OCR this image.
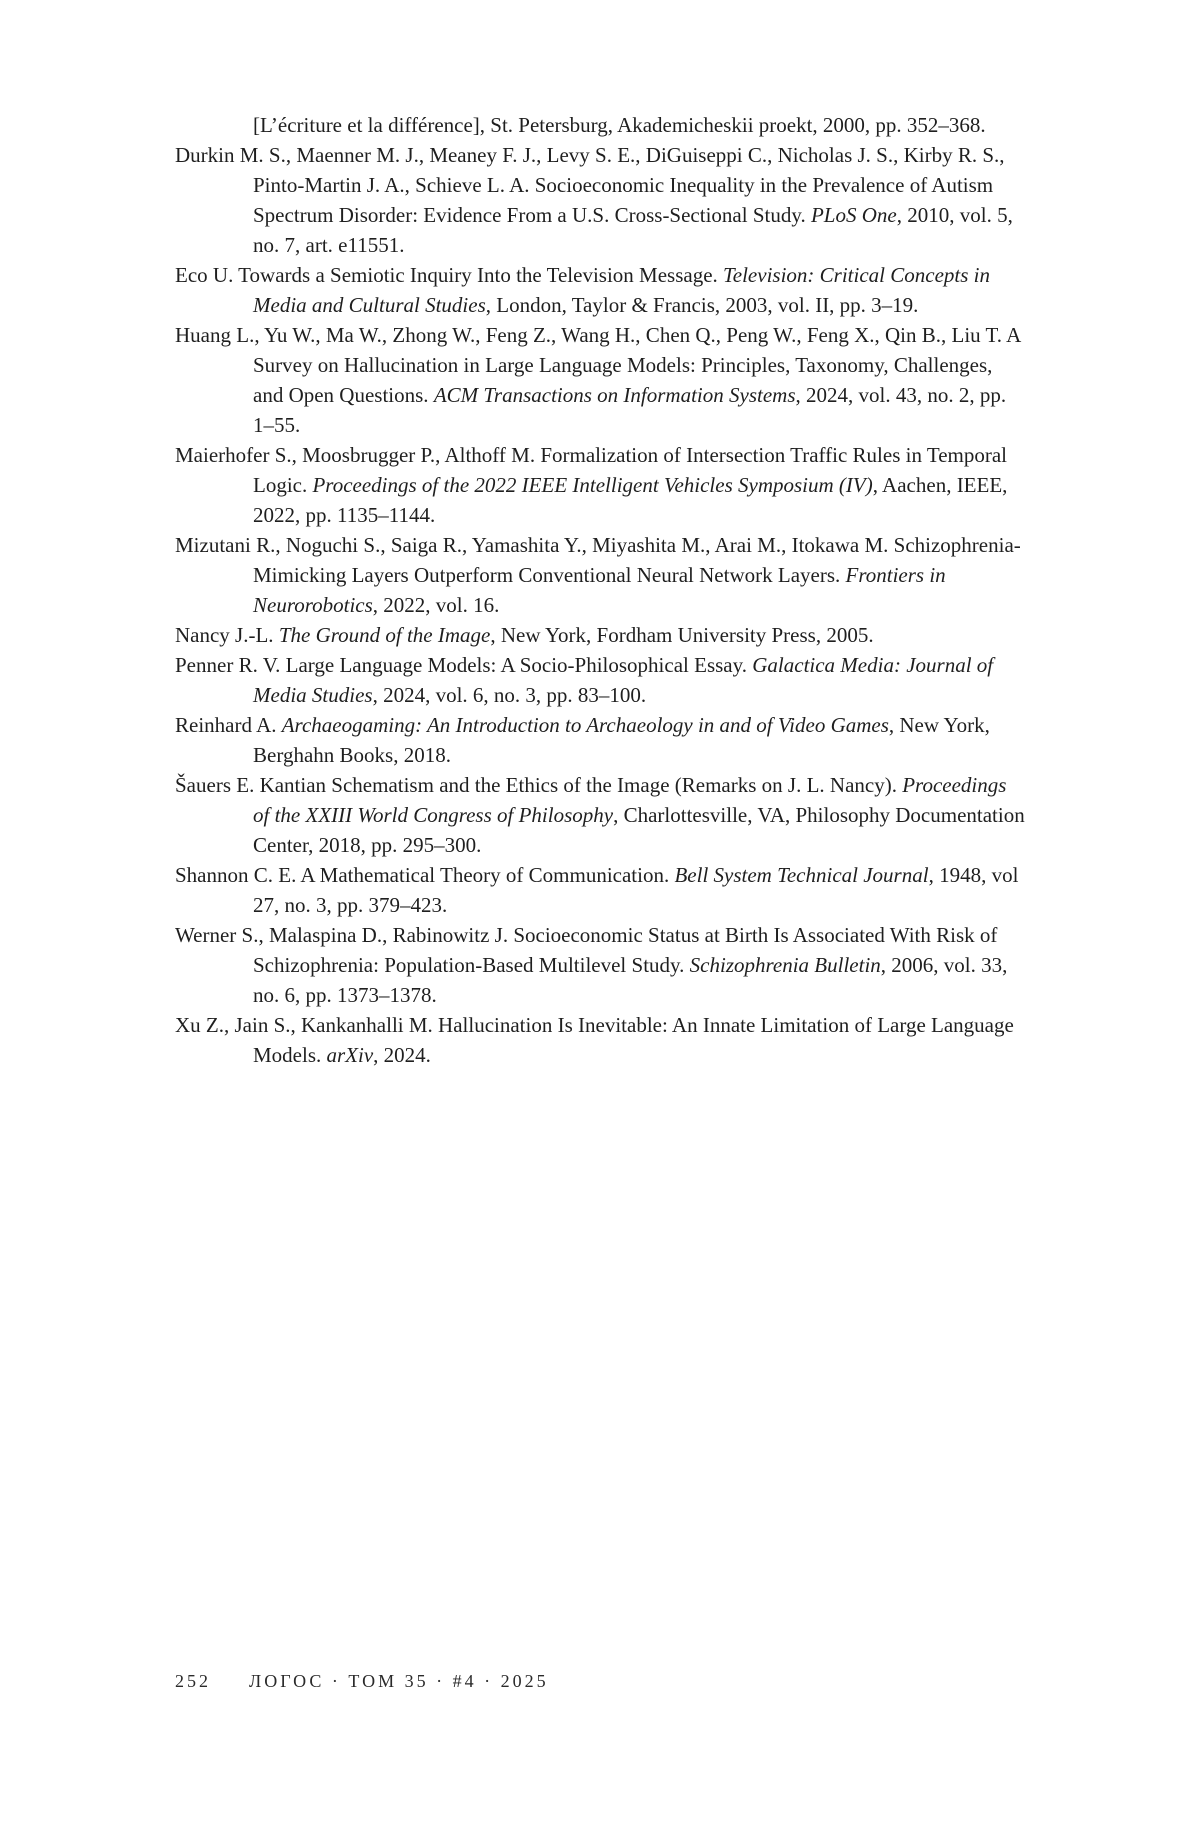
[L’écriture et la différence], St. Petersburg, Akademicheskii proekt, 2000, pp. 352–368.

Durkin M. S., Maenner M. J., Meaney F. J., Levy S. E., DiGuiseppi C., Nicholas J. S., Kirby R. S., Pinto-Martin J. A., Schieve L. A. Socioeconomic Inequality in the Prevalence of Autism Spectrum Disorder: Evidence From a U.S. Cross-Sectional Study. PLoS One, 2010, vol. 5, no. 7, art. e11551.

Eco U. Towards a Semiotic Inquiry Into the Television Message. Television: Critical Concepts in Media and Cultural Studies, London, Taylor & Francis, 2003, vol. II, pp. 3–19.

Huang L., Yu W., Ma W., Zhong W., Feng Z., Wang H., Chen Q., Peng W., Feng X., Qin B., Liu T. A Survey on Hallucination in Large Language Models: Principles, Taxonomy, Challenges, and Open Questions. ACM Transactions on Information Systems, 2024, vol. 43, no. 2, pp. 1–55.

Maierhofer S., Moosbrugger P., Althoff M. Formalization of Intersection Traffic Rules in Temporal Logic. Proceedings of the 2022 IEEE Intelligent Vehicles Symposium (IV), Aachen, IEEE, 2022, pp. 1135–1144.

Mizutani R., Noguchi S., Saiga R., Yamashita Y., Miyashita M., Arai M., Itokawa M. Schizophrenia-Mimicking Layers Outperform Conventional Neural Network Layers. Frontiers in Neurorobotics, 2022, vol. 16.

Nancy J.-L. The Ground of the Image, New York, Fordham University Press, 2005.

Penner R. V. Large Language Models: A Socio-Philosophical Essay. Galactica Media: Journal of Media Studies, 2024, vol. 6, no. 3, pp. 83–100.

Reinhard A. Archaeogaming: An Introduction to Archaeology in and of Video Games, New York, Berghahn Books, 2018.

Šauers E. Kantian Schematism and the Ethics of the Image (Remarks on J. L. Nancy). Proceedings of the XXIII World Congress of Philosophy, Charlottesville, VA, Philosophy Documentation Center, 2018, pp. 295–300.

Shannon C. E. A Mathematical Theory of Communication. Bell System Technical Journal, 1948, vol 27, no. 3, pp. 379–423.

Werner S., Malaspina D., Rabinowitz J. Socioeconomic Status at Birth Is Associated With Risk of Schizophrenia: Population-Based Multilevel Study. Schizophrenia Bulletin, 2006, vol. 33, no. 6, pp. 1373–1378.

Xu Z., Jain S., Kankanhalli M. Hallucination Is Inevitable: An Innate Limitation of Large Language Models. arXiv, 2024.

252 ЛОГОС · ТОМ 35 · #4 · 2025
